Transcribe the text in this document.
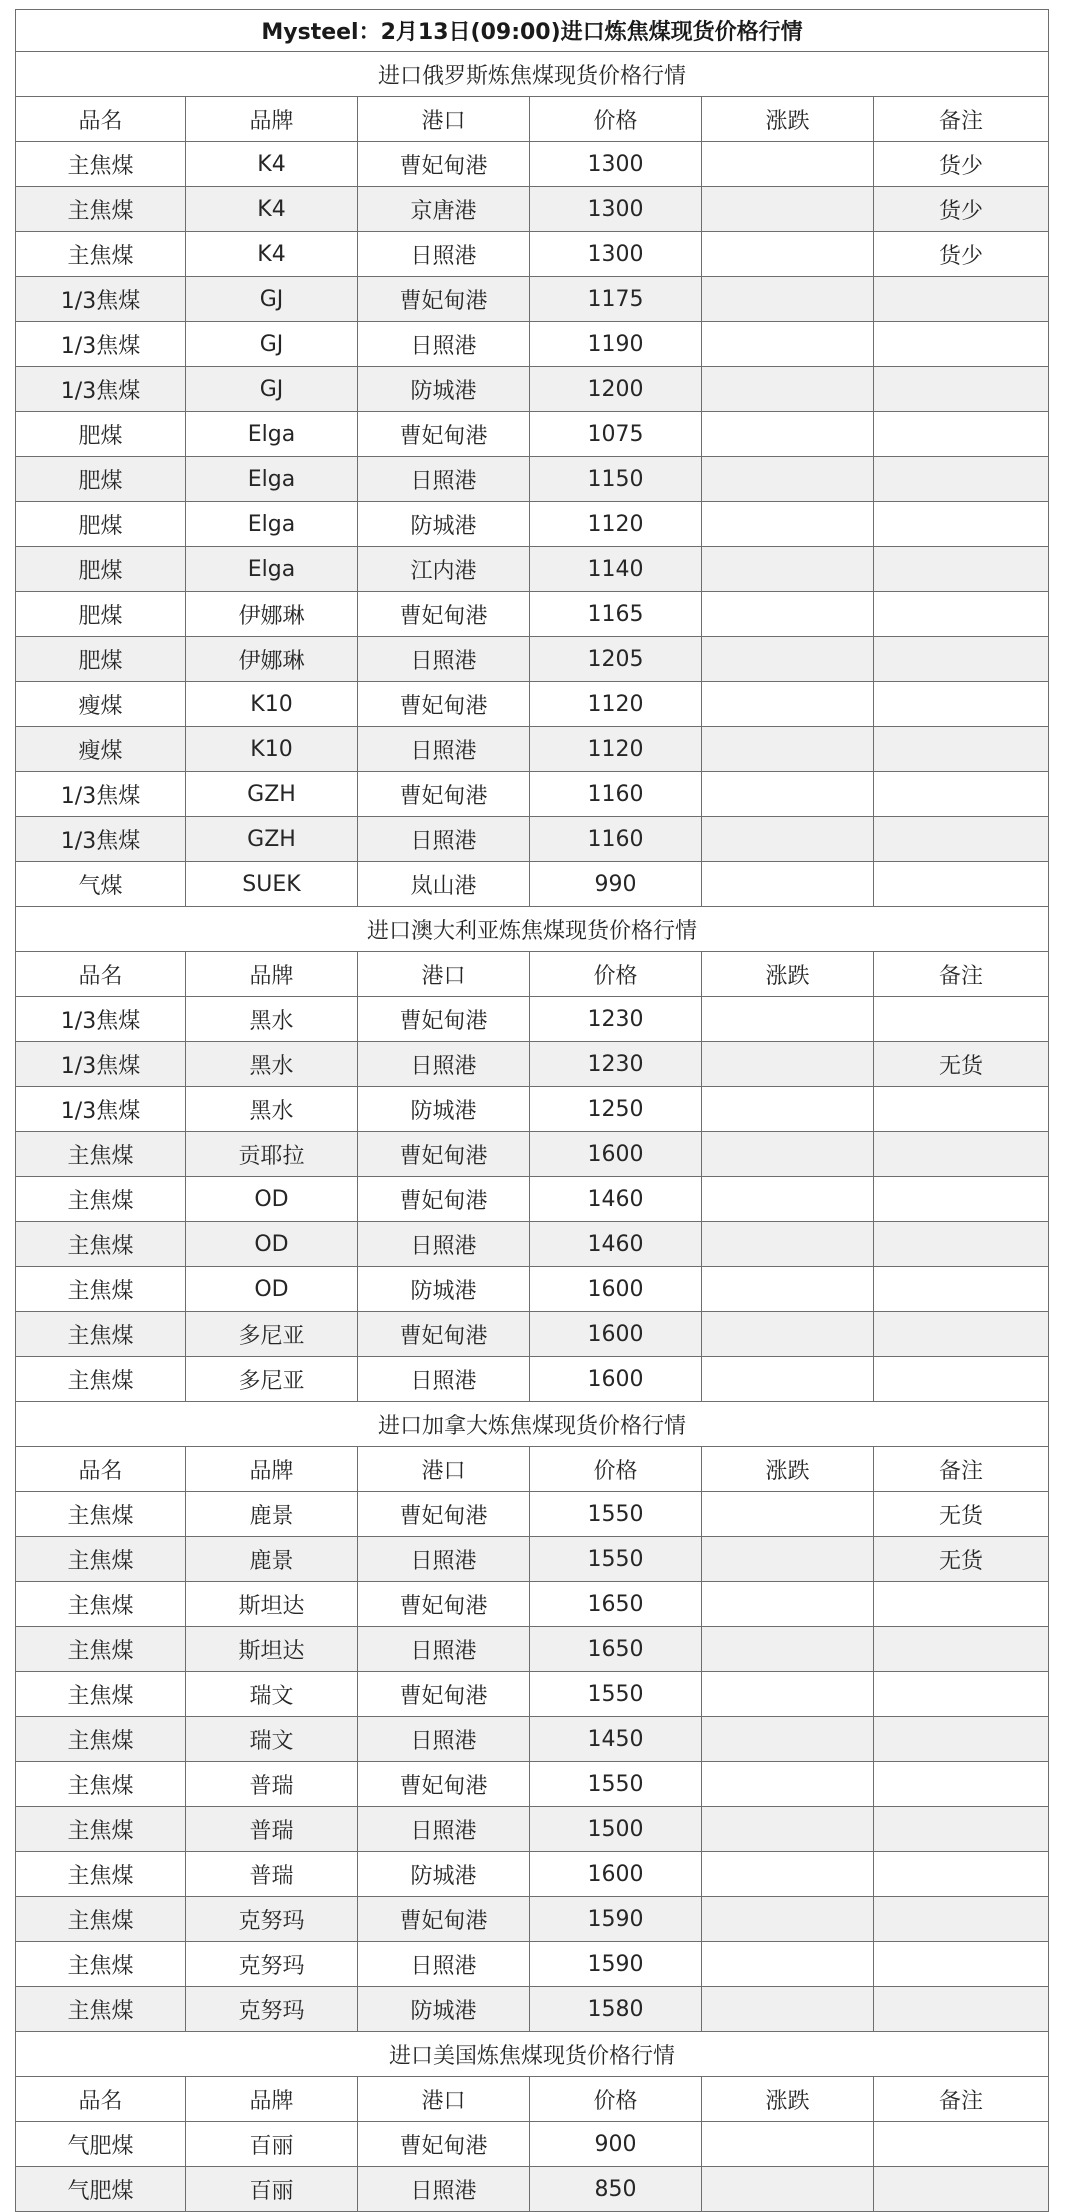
Mysteel：2月13日(09:00)进口炼焦煤现货价格行情					
进口俄罗斯炼焦煤现货价格行情					
品名	品牌	港口	价格	涨跌	备注
主焦煤	K4	曹妃甸港	1300		货少
主焦煤	K4	京唐港	1300		货少
主焦煤	K4	日照港	1300		货少
1/3焦煤	GJ	曹妃甸港	1175		
1/3焦煤	GJ	日照港	1190		
1/3焦煤	GJ	防城港	1200		
肥煤	Elga	曹妃甸港	1075		
肥煤	Elga	日照港	1150		
肥煤	Elga	防城港	1120		
肥煤	Elga	江内港	1140		
肥煤	伊娜琳	曹妃甸港	1165		
肥煤	伊娜琳	日照港	1205		
瘦煤	K10	曹妃甸港	1120		
瘦煤	K10	日照港	1120		
1/3焦煤	GZH	曹妃甸港	1160		
1/3焦煤	GZH	日照港	1160		
气煤	SUEK	岚山港	990		
进口澳大利亚炼焦煤现货价格行情					
品名	品牌	港口	价格	涨跌	备注
1/3焦煤	黑水	曹妃甸港	1230		
1/3焦煤	黑水	日照港	1230		无货
1/3焦煤	黑水	防城港	1250		
主焦煤	贡耶拉	曹妃甸港	1600		
主焦煤	OD	曹妃甸港	1460		
主焦煤	OD	日照港	1460		
主焦煤	OD	防城港	1600		
主焦煤	多尼亚	曹妃甸港	1600		
主焦煤	多尼亚	日照港	1600		
进口加拿大炼焦煤现货价格行情					
品名	品牌	港口	价格	涨跌	备注
主焦煤	鹿景	曹妃甸港	1550		无货
主焦煤	鹿景	日照港	1550		无货
主焦煤	斯坦达	曹妃甸港	1650		
主焦煤	斯坦达	日照港	1650		
主焦煤	瑞文	曹妃甸港	1550		
主焦煤	瑞文	日照港	1450		
主焦煤	普瑞	曹妃甸港	1550		
主焦煤	普瑞	日照港	1500		
主焦煤	普瑞	防城港	1600		
主焦煤	克努玛	曹妃甸港	1590		
主焦煤	克努玛	日照港	1590		
主焦煤	克努玛	防城港	1580		
进口美国炼焦煤现货价格行情					
品名	品牌	港口	价格	涨跌	备注
气肥煤	百丽	曹妃甸港	900		
气肥煤	百丽	日照港	850		
